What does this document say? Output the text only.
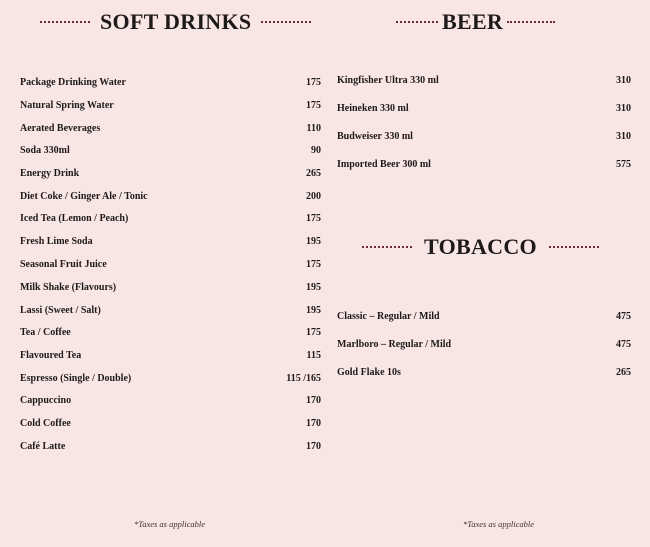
SOFT DRINKS	BEER
TOBACCO
Package Drinking Water	175
Natural Spring Water	175
Aerated Beverages	110
Soda 330ml	90
Energy Drink	265
Diet Coke / Ginger Ale / Tonic	200
Iced Tea (Lemon / Peach)	175
Fresh Lime Soda	195
Seasonal Fruit Juice	175
Milk Shake (Flavours)	195
Lassi (Sweet / Salt)	195
Tea / Coffee	175
Flavoured Tea	115
Espresso (Single / Double)	115 /165
Cappuccino	170
Cold Coffee	170
Café Latte	170
Kingfisher Ultra 330 ml	310
Heineken 330 ml	310
Budweiser 330 ml	310
Imported Beer 300 ml	575
Classic – Regular / Mild	475
Marlboro – Regular / Mild	475
Gold Flake 10s	265
*Taxes as applicable	*Taxes as applicable
